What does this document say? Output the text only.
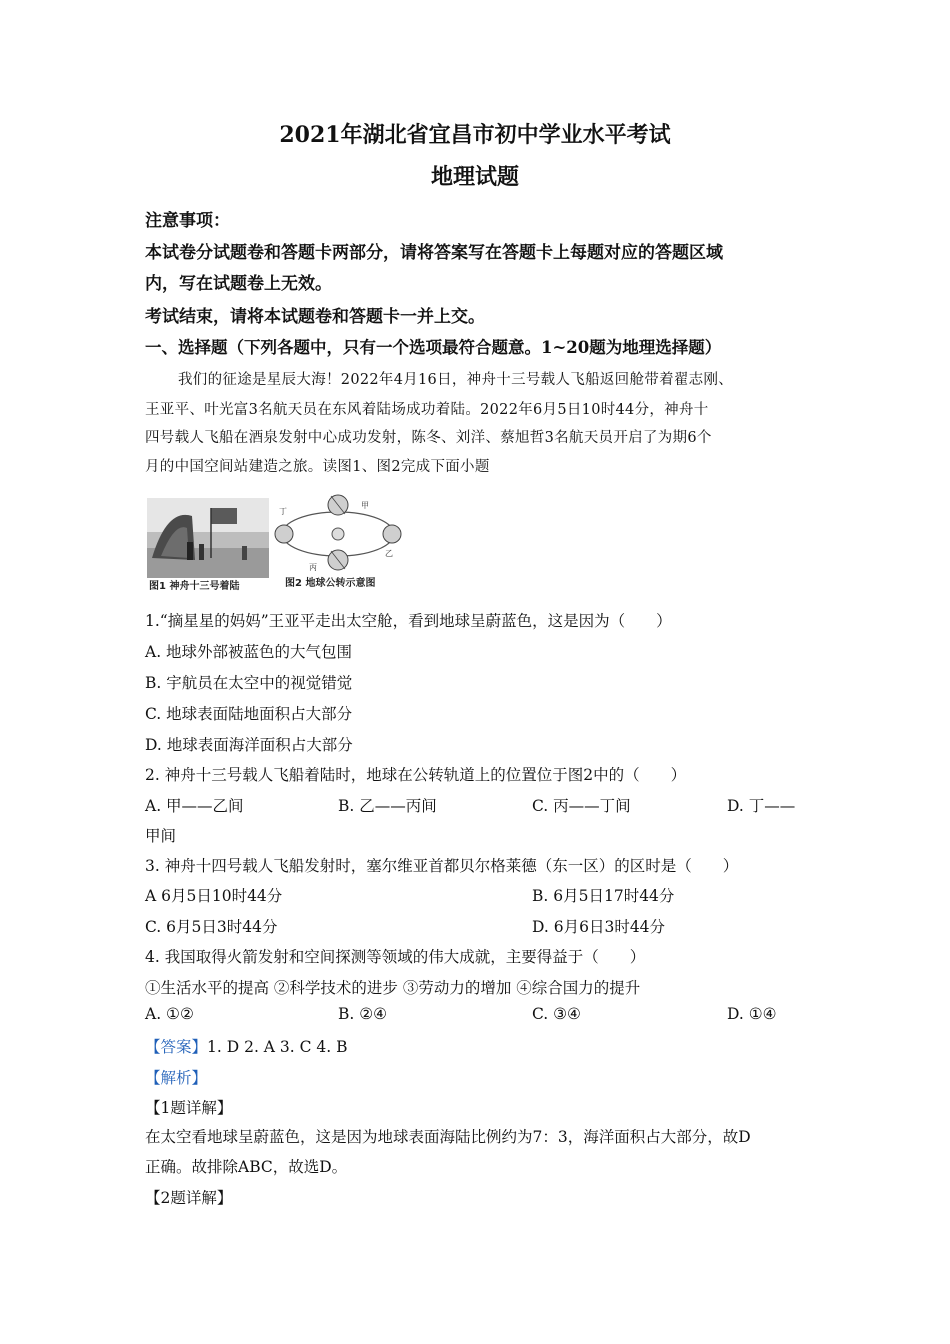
2021年湖北省宜昌市初中学业水平考试
地理试题
注意事项：
本试卷分试题卷和答题卡两部分，请将答案写在答题卡上每题对应的答题区域
内，写在试题卷上无效。
考试结束，请将本试题卷和答题卡一并上交。
一、选择题（下列各题中，只有一个选项最符合题意。1~20题为地理选择题）
我们的征途是星辰大海！2022年4月16日，神舟十三号载人飞船返回舱带着翟志刚、
王亚平、叶光富3名航天员在东风着陆场成功着陆。2022年6月5日10时44分，神舟十
四号载人飞船在酒泉发射中心成功发射，陈冬、刘洋、蔡旭哲3名航天员开启了为期6个
月的中国空间站建造之旅。读图1、图2完成下面小题
图1 神舟十三号着陆
甲
乙
丙
丁
图2 地球公转示意图
1.“摘星星的妈妈”王亚平走出太空舱，看到地球呈蔚蓝色，这是因为（　　）
A. 地球外部被蓝色的大气包围
B. 宇航员在太空中的视觉错觉
C. 地球表面陆地面积占大部分
D. 地球表面海洋面积占大部分
2. 神舟十三号载人飞船着陆时，地球在公转轨道上的位置位于图2中的（　　）
A. 甲——乙间	B. 乙——丙间	C. 丙——丁间	D. 丁——
甲间
3. 神舟十四号载人飞船发射时，塞尔维亚首都贝尔格莱德（东一区）的区时是（　　）
A 6月5日10时44分	B. 6月5日17时44分
C. 6月5日3时44分	D. 6月6日3时44分
4. 我国取得火箭发射和空间探测等领域的伟大成就，主要得益于（　　）
①生活水平的提高 ②科学技术的进步 ③劳动力的增加 ④综合国力的提升
A. ①②	B. ②④	C. ③④	D. ①④
【答案】1. D 2. A 3. C 4. B
【解析】
【1题详解】
在太空看地球呈蔚蓝色，这是因为地球表面海陆比例约为7：3，海洋面积占大部分，故D
正确。故排除ABC，故选D。
【2题详解】
